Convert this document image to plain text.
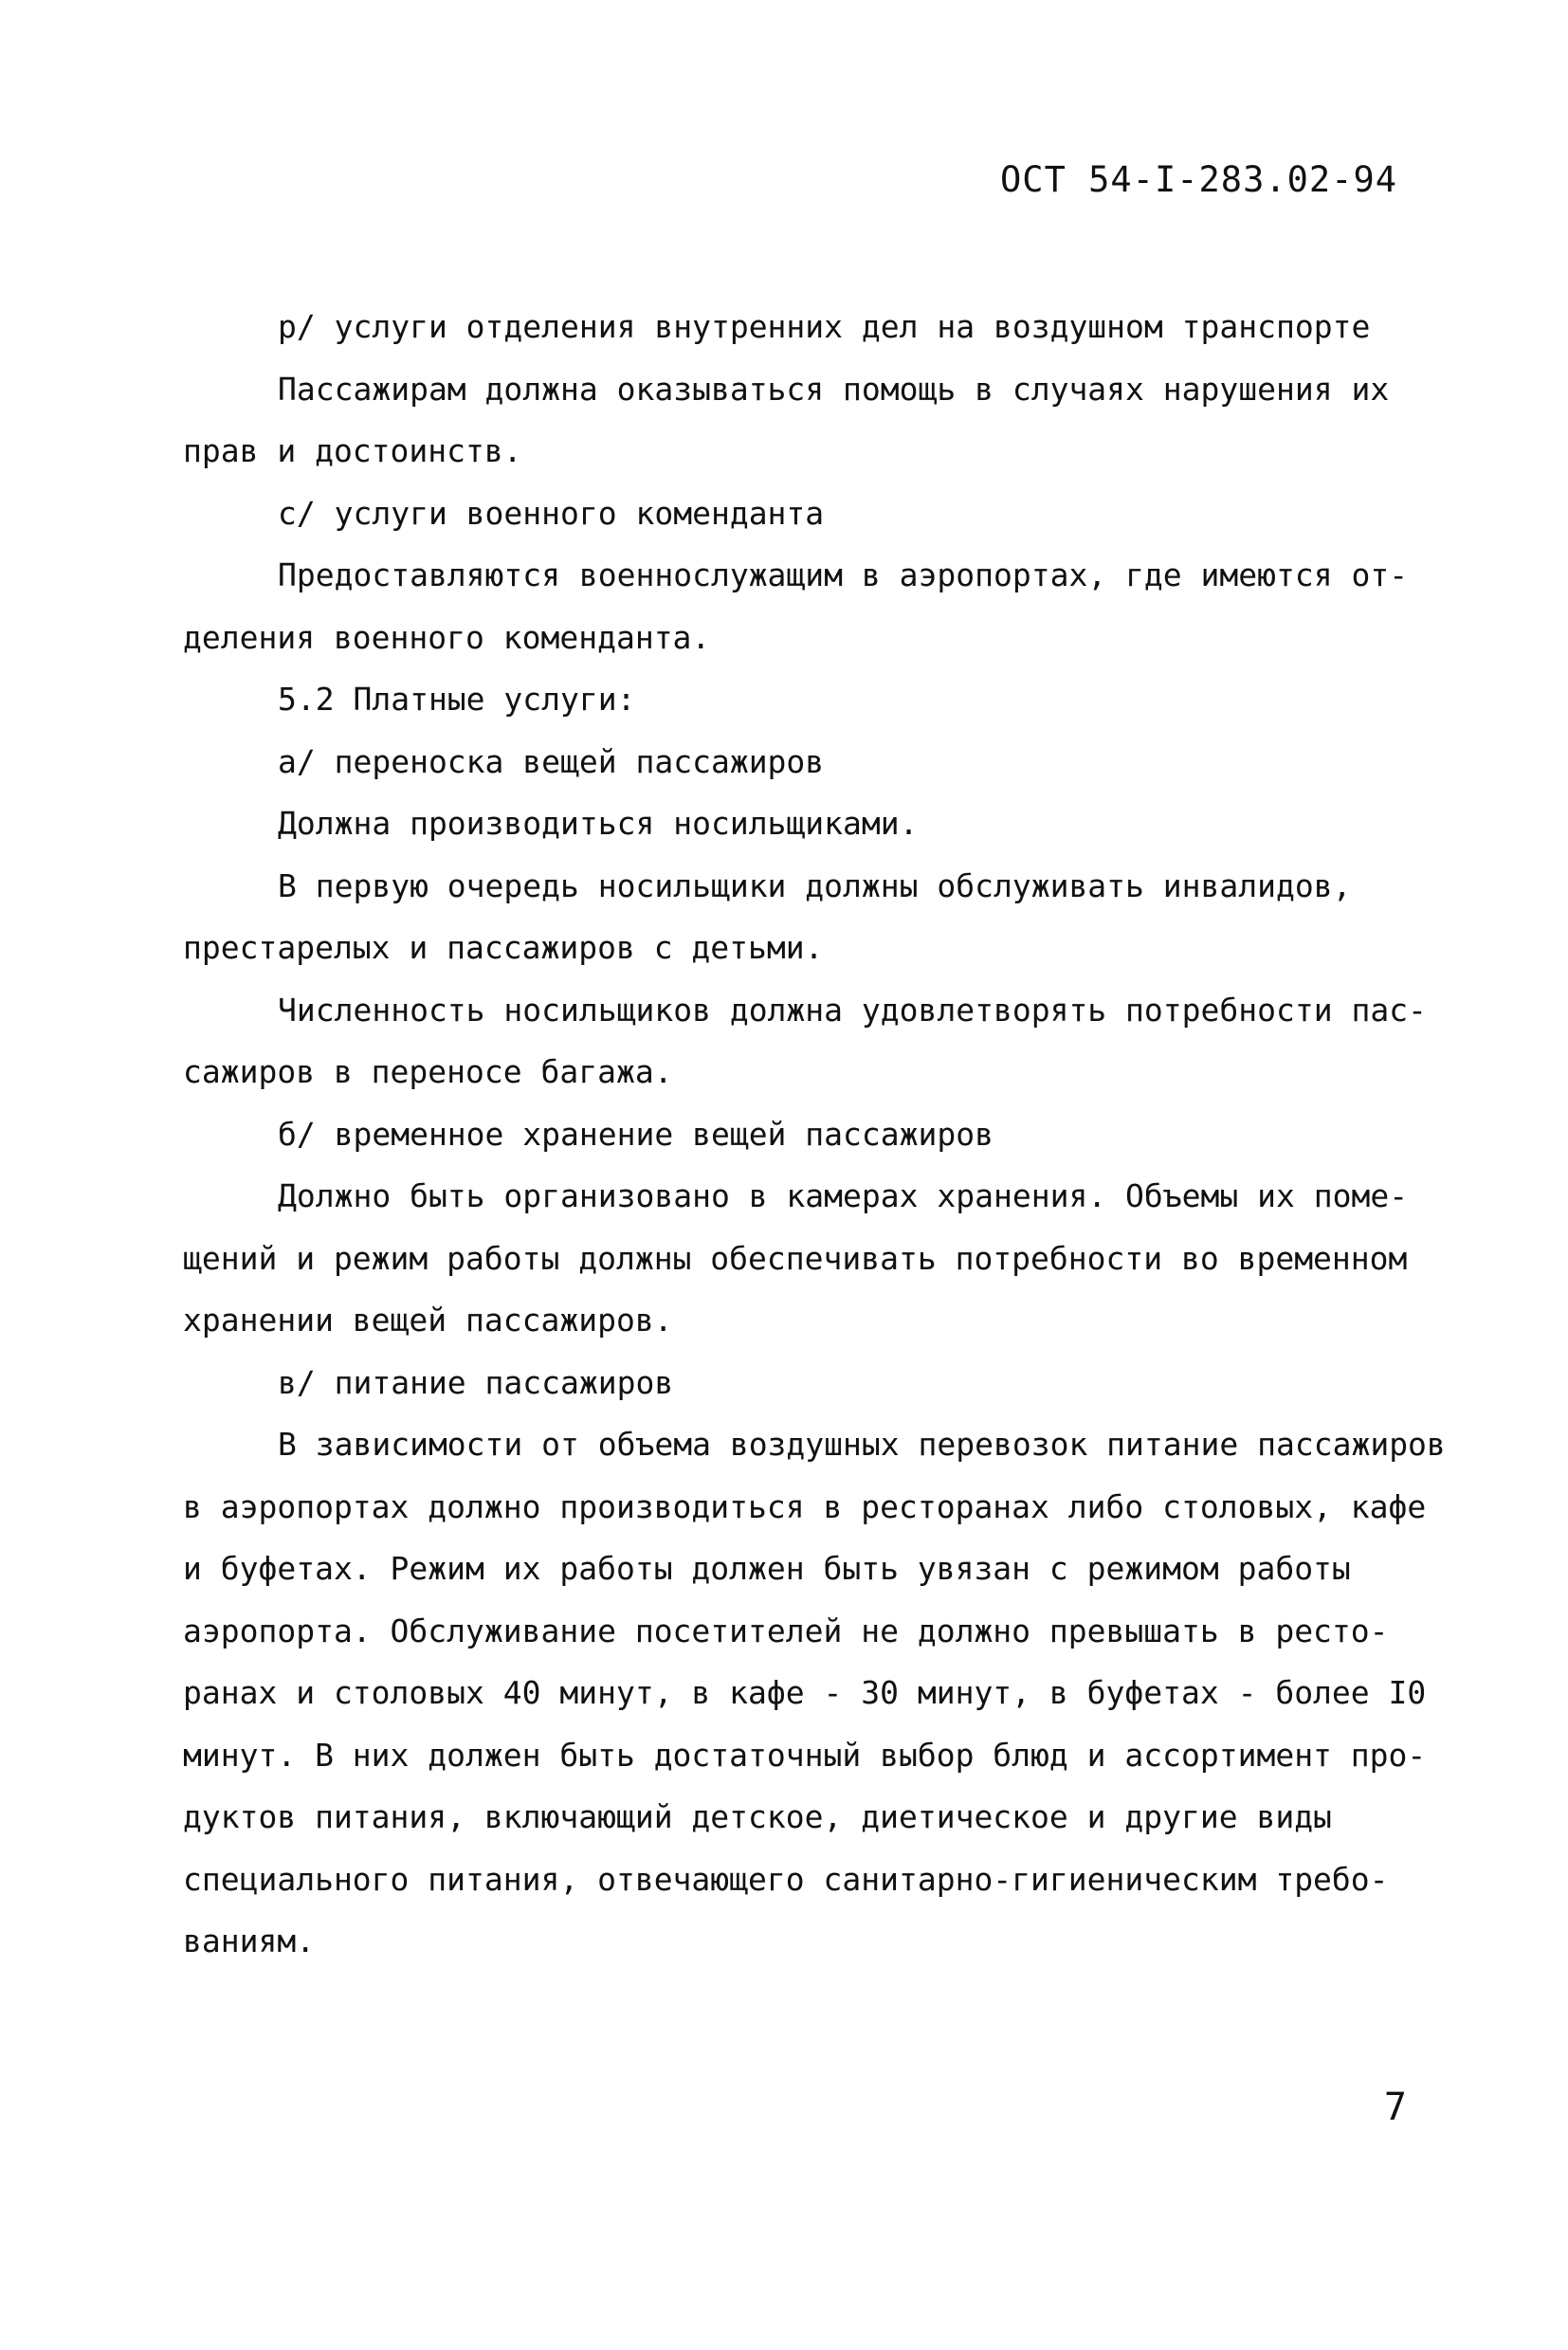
ОСТ 54-I-283.02-94
р/ услуги отделения внутренних дел на воздушном транспорте
Пассажирам должна оказываться помощь в случаях нарушения их
прав и достоинств.
с/ услуги военного коменданта
Предоставляются военнослужащим в аэропортах, где имеются от-
деления военного коменданта.
5.2 Платные услуги:
а/ переноска вещей пассажиров
Должна производиться носильщиками.
В первую очередь носильщики должны обслуживать инвалидов,
престарелых и пассажиров с детьми.
Численность носильщиков должна удовлетворять потребности пас-
сажиров в переносе багажа.
б/ временное хранение вещей пассажиров
Должно быть организовано в камерах хранения. Объемы их поме-
щений и режим работы должны обеспечивать потребности во временном
хранении вещей пассажиров.
в/ питание пассажиров
В зависимости от объема воздушных перевозок питание пассажиров
в аэропортах должно производиться в ресторанах либо столовых, кафе
и буфетах. Режим их работы должен быть увязан с режимом работы
аэропорта. Обслуживание посетителей не должно превышать в ресто-
ранах и столовых 40 минут, в кафе - 30 минут, в буфетах - более I0
минут. В них должен быть достаточный выбор блюд и ассортимент про-
дуктов питания, включающий детское, диетическое и другие виды
специального питания, отвечающего санитарно-гигиеническим требо-
ваниям.
7
